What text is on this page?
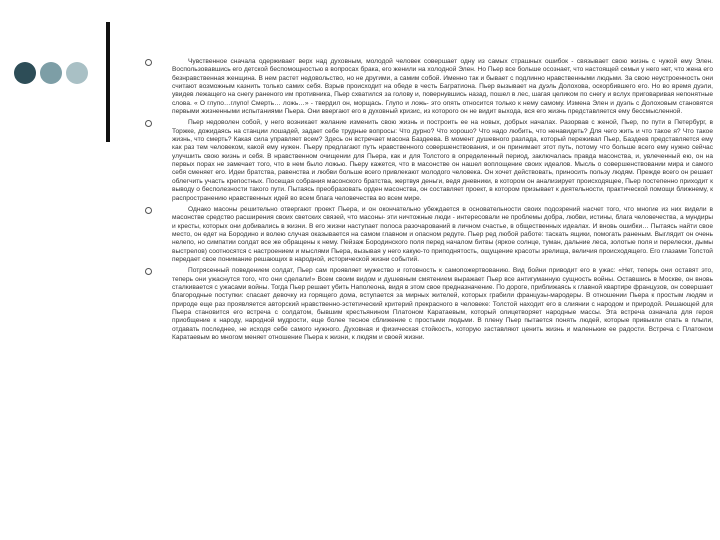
Чувственное сначала одерживает верх над духовным, молодой человек совершает одну из самых страшных ошибок - связывает свою жизнь с чужой ему Элен. Воспользовавшись его детской беспомощностью в вопросах брака, его женили на холодной Элен. Но Пьер все больше осознает, что настоящей семьи у него нет, что жена его безнравственная женщина. В нем растет недовольство, но не другими, а самим собой. Именно так и бывает с подлинно нравственными людьми. За свою неустроенность они считают возможным казнить только самих себя. Взрыв происходит на обеде в честь Багратиона. Пьер вызывает на дуэль Долохова, оскорбившего его. Но во время дуэли, увидев лежащего на снегу раненого им противника, Пьер схватился за голову и, повернувшись назад, пошел в лес, шагая целиком по снегу и вслух приговаривая непонятные слова. « О глупо…глупо! Смерть… ложь…» - твердил он, морщась. Глупо и ложь- это опять относится только к нему самому. Измена Элен и дуэль с Долоховым становятся первыми жизненными испытаниями Пьера. Они ввергают его в духовный кризис, из которого он не видит выхода, вся его жизнь представляется ему бессмысленной.

Пьер недоволен собой, у него возникает желание изменить свою жизнь и построить ее на новых, добрых началах. Разорвав с женой, Пьер, по пути в Петербург, в Торжке, дожидаясь на станции лошадей, задает себе трудные вопросы: Что дурно? Что хорошо? Что надо любить, что ненавидеть? Для чего жить и что такое я? Что такое жизнь, что смерть? Какая сила управляет всем? Здесь он встречает масона Баздеева. В момент душевного разлада, который переживал Пьер, Баздеев представляется ему как раз тем человеком, какой ему нужен. Пьеру предлагают путь нравственного совершенствования, и он принимает этот путь, потому что больше всего ему нужно сейчас улучшить свою жизнь и себя. В нравственном очищении для Пьера, как и для Толстого в определенный период, заключалась правда масонства, и, увлеченный ею, он на первых порах не замечает того, что в нем было ложью. Пьеру кажется, что в масонстве он нашел воплощение своих идеалов. Мысль о совершенствовании мира и самого себя сменяет его. Идеи братства, равенства и любви больше всего привлекают молодого человека. Он хочет действовать, приносить пользу людям. Прежде всего он решает облегчить участь крепостных. Посещая собрания масонского братства, жертвуя деньги, ведя дневники, в котором он анализирует происходящее, Пьер постепенно приходит к выводу о бесполезности такого пути. Пытаясь преобразовать орден масонства, он составляет проект, в котором призывает к деятельности, практической помощи ближнему, к распространению нравственных идей во всем блага человечества во всем мире.

Однако масоны решительно отвергают проект Пьера, и он окончательно убеждается в основательности своих подозрений насчет того, что многие из них видели в масонстве средство расширения своих светских связей, что масоны- эти ничтожные люди - интересовали не проблемы добра, любви, истины, блага человечества, а мундиры и кресты, которых они добивались в жизни. В его жизни наступает полоса разочарований в личном счастье, в общественных идеалах. И вновь ошибки… Пытаясь найти свое место, он едет на Бородино и волею случая оказывается на самом главном и опасном редуте. Пьер ред любой работе: таскать ящики, помогать раненым. Выглядит он очень нелепо, но симпатии солдат все же обращены к нему. Пейзаж Бородинского поля перед началом битвы (яркое солнце, туман, дальние леса, золотые поля и перелески, дымы выстрелов) соотносятся с настроением и мыслями Пьера, вызывая у него какую-то приподнятость, ощущение красоты зрелища, величия происходящего. Его глазами Толстой передает свое понимание решающих в народной, исторической жизни событий.

Потрясенный поведением солдат, Пьер сам проявляет мужество и готовность к самопожертвованию. Вид бойни приводит его в ужас: «Нет, теперь они оставят это, теперь они ужаснутся того, что они сделали!» Всем своим видом и душевным смятением выражает Пьер все антигуманную сущность войны. Оставшись в Москве, он вновь сталкивается с ужасами войны. Тогда Пьер решает убить Наполеона, видя в этом свое предназначение. По дороге, приближаясь к главной квартире французов, он совершает благородные поступки: спасает девочку из горящего дома, вступается за мирных жителей, которых грабили французы-мародеры. В отношении Пьера к простым людям и природе еще раз проявляется авторский нравственно-эстетический критерий прекрасного в человеке: Толстой находит его в слиянии с народом и природой. Решающей для Пьера становится его встреча с солдатом, бывшим крестьянином Платоном Каратаевым, который олицетворяет народные массы. Эта встреча означала для героя приобщение к народу, народной мудрости, еще более тесное сближение с простыми людьми. В плену Пьер пытается понять людей, которые привыкли спать в плыли, отдавать последнее, не исходя себе самого нужного. Духовная и физическая стойкость, которую заставляют ценить жизнь и маленькие ее радости. Встреча с Платоном Каратаевым во многом меняет отношение Пьера к жизни, к людям и своей жизни.
